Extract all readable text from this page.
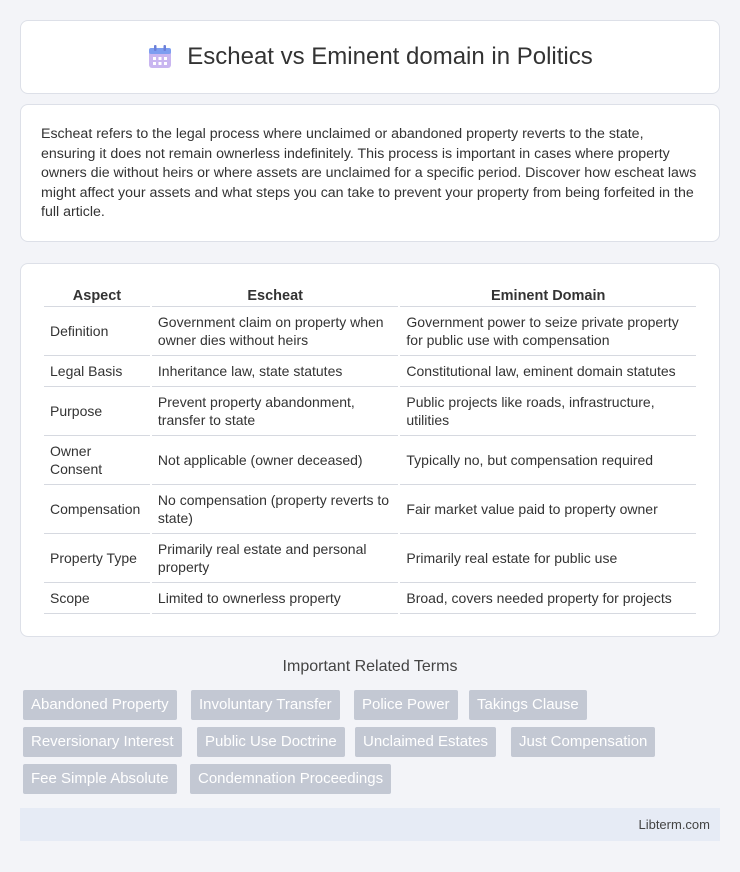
Escheat vs Eminent domain in Politics

Escheat refers to the legal process where unclaimed or abandoned property reverts to the state, ensuring it does not remain ownerless indefinitely. This process is important in cases where property owners die without heirs or where assets are unclaimed for a specific period. Discover how escheat laws might affect your assets and what steps you can take to prevent your property from being forfeited in the full article.

Aspect	Escheat	Eminent Domain
Definition	Government claim on property when owner dies without heirs	Government power to seize private property for public use with compensation
Legal Basis	Inheritance law, state statutes	Constitutional law, eminent domain statutes
Purpose	Prevent property abandonment, transfer to state	Public projects like roads, infrastructure, utilities
Owner Consent	Not applicable (owner deceased)	Typically no, but compensation required
Compensation	No compensation (property reverts to state)	Fair market value paid to property owner
Property Type	Primarily real estate and personal property	Primarily real estate for public use
Scope	Limited to ownerless property	Broad, covers needed property for projects
Important Related Terms
Abandoned Property	Involuntary Transfer	Police Power	Takings Clause
Reversionary Interest	Public Use Doctrine	Unclaimed Estates	Just Compensation
Fee Simple Absolute	Condemnation Proceedings
Libterm.com
